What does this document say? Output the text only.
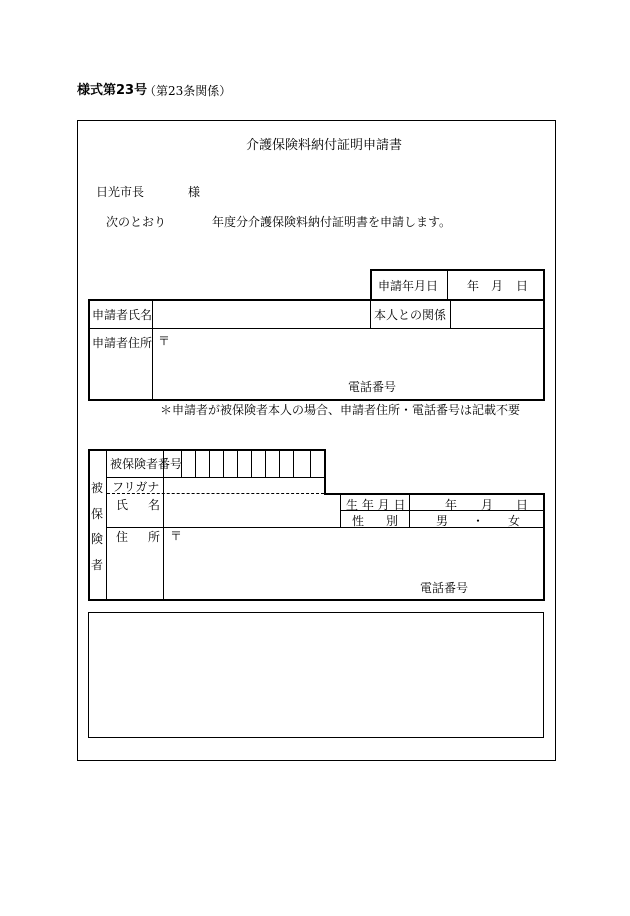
様式第23号
（第23条関係）
介護保険料納付証明申請書
日光市長	様
次のとおり	年度分介護保険料納付証明書を申請します。
申請年月日 年 月 日
申請者氏名	本人との関係
申請者住所 〒
電話番号
＊申請者が被保険者本人の場合、申請者住所・電話番号は記載不要
被
保
険
者
被保険者番号
フリガナ
氏 名	生 年 月 日	年 月 日
性 別	男 ・ 女
住 所 〒
電話番号
